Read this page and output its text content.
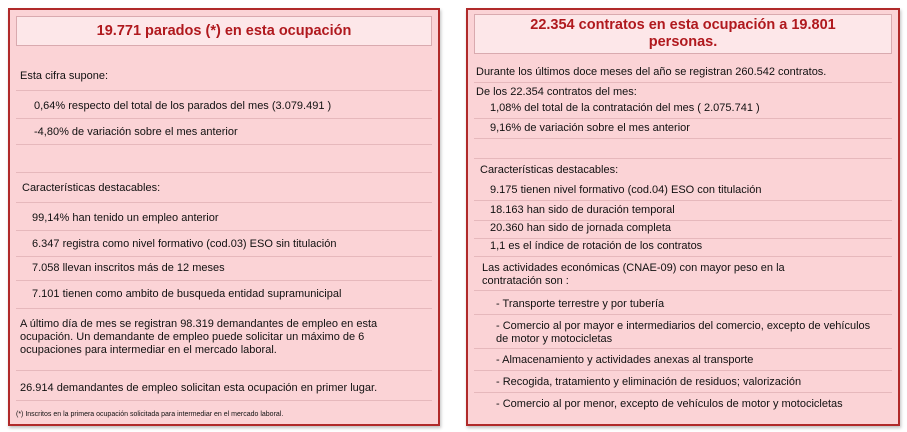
19.771 parados (*) en esta ocupación
Esta cifra supone:
0,64% respecto del total de los parados del mes (3.079.491 )
-4,80% de variación sobre el mes anterior
Características destacables:
99,14% han tenido un empleo anterior
6.347 registra como nivel formativo (cod.03) ESO sin titulación
7.058 llevan inscritos más de 12 meses
7.101 tienen como ambito de busqueda entidad supramunicipal
A último día de mes se registran 98.319 demandantes de empleo en esta ocupación. Un demandante de empleo puede solicitar un máximo de 6 ocupaciones para intermediar en el mercado laboral.
26.914 demandantes de empleo solicitan esta ocupación en primer lugar.
(*) Inscritos en la primera ocupación solicitada para intermediar en el mercado laboral.
22.354 contratos en esta ocupación a 19.801
personas.
Durante los últimos doce meses del año se registran 260.542 contratos.
De los 22.354 contratos del mes:
1,08% del total de la contratación del mes ( 2.075.741 )
9,16% de variación sobre el mes anterior
Características destacables:
9.175 tienen nivel formativo (cod.04) ESO con titulación
18.163 han sido de duración temporal
20.360 han sido de jornada completa
1,1 es el índice de rotación de los contratos
Las actividades económicas (CNAE-09) con mayor peso en la contratación son :
- Transporte terrestre y por tubería
- Comercio al por mayor e intermediarios del comercio, excepto de vehículos de motor y motocicletas
- Almacenamiento y actividades anexas al transporte
- Recogida, tratamiento y eliminación de residuos; valorización
- Comercio al por menor, excepto de vehículos de motor y motocicletas
